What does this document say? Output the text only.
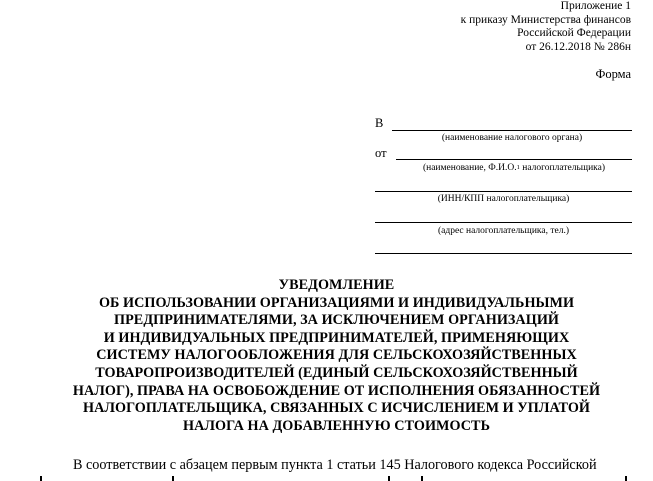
Приложение 1
к приказу Министерства финансов
Российской Федерации
от 26.12.2018 № 286н
Форма
В
(наименование налогового органа)
от
(наименование, Ф.И.О.$^1$ налогоплательщика)
(ИНН/КПП налогоплательщика)
(адрес налогоплательщика, тел.)
УВЕДОМЛЕНИЕ
ОБ ИСПОЛЬЗОВАНИИ ОРГАНИЗАЦИЯМИ И ИНДИВИДУАЛЬНЫМИ
ПРЕДПРИНИМАТЕЛЯМИ, ЗА ИСКЛЮЧЕНИЕМ ОРГАНИЗАЦИЙ
И ИНДИВИДУАЛЬНЫХ ПРЕДПРИНИМАТЕЛЕЙ, ПРИМЕНЯЮЩИХ
СИСТЕМУ НАЛОГООБЛОЖЕНИЯ ДЛЯ СЕЛЬСКОХОЗЯЙСТВЕННЫХ
ТОВАРОПРОИЗВОДИТЕЛЕЙ (ЕДИНЫЙ СЕЛЬСКОХОЗЯЙСТВЕННЫЙ
НАЛОГ), ПРАВА НА ОСВОБОЖДЕНИЕ ОТ ИСПОЛНЕНИЯ ОБЯЗАННОСТЕЙ
НАЛОГОПЛАТЕЛЬЩИКА, СВЯЗАННЫХ С ИСЧИСЛЕНИЕМ И УПЛАТОЙ
НАЛОГА НА ДОБАВЛЕННУЮ СТОИМОСТЬ
В соответствии с абзацем первым пункта 1 статьи 145 Налогового кодекса Российской
